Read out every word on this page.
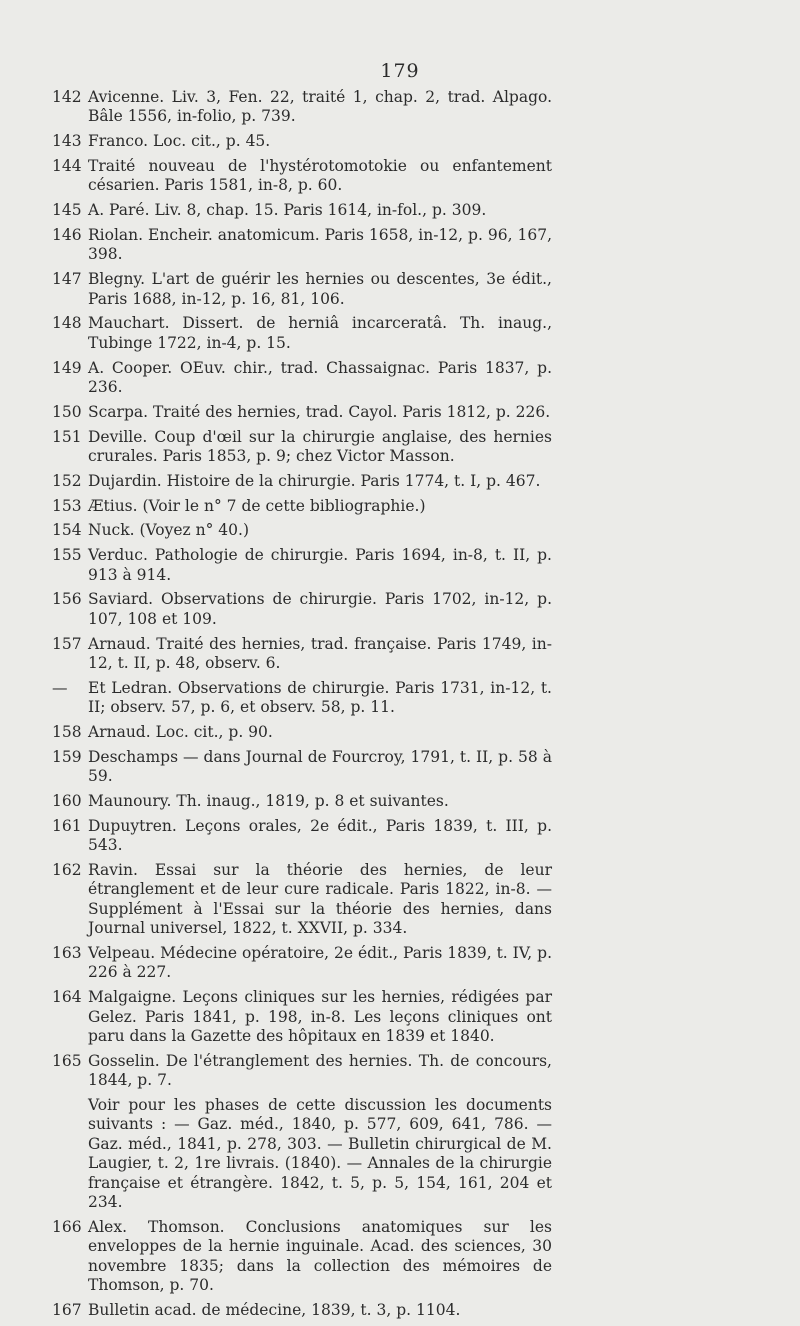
179
142 Avicenne. Liv. 3, Fen. 22, traité 1, chap. 2, trad. Alpago. Bâle 1556, in-folio, p. 739.
143 Franco. Loc. cit., p. 45.
144 Traité nouveau de l'hystérotomotokie ou enfantement césarien. Paris 1581, in-8, p. 60.
145 A. Paré. Liv. 8, chap. 15. Paris 1614, in-fol., p. 309.
146 Riolan. Encheir. anatomicum. Paris 1658, in-12, p. 96, 167, 398.
147 Blegny. L'art de guérir les hernies ou descentes, 3e édit., Paris 1688, in-12, p. 16, 81, 106.
148 Mauchart. Dissert. de herniâ incarceratâ. Th. inaug., Tubinge 1722, in-4, p. 15.
149 A. Cooper. OEuv. chir., trad. Chassaignac. Paris 1837, p. 236.
150 Scarpa. Traité des hernies, trad. Cayol. Paris 1812, p. 226.
151 Deville. Coup d'œil sur la chirurgie anglaise, des hernies crurales. Paris 1853, p. 9; chez Victor Masson.
152 Dujardin. Histoire de la chirurgie. Paris 1774, t. I, p. 467.
153 Ætius. (Voir le n° 7 de cette bibliographie.)
154 Nuck. (Voyez n° 40.)
155 Verduc. Pathologie de chirurgie. Paris 1694, in-8, t. II, p. 913 à 914.
156 Saviard. Observations de chirurgie. Paris 1702, in-12, p. 107, 108 et 109.
157 Arnaud. Traité des hernies, trad. française. Paris 1749, in-12, t. II, p. 48, observ. 6.
—	Et Ledran. Observations de chirurgie. Paris 1731, in-12, t. II; observ. 57, p. 6, et observ. 58, p. 11.
158 Arnaud. Loc. cit., p. 90.
159 Deschamps — dans Journal de Fourcroy, 1791, t. II, p. 58 à 59.
160 Maunoury. Th. inaug., 1819, p. 8 et suivantes.
161 Dupuytren. Leçons orales, 2e édit., Paris 1839, t. III, p. 543.
162 Ravin. Essai sur la théorie des hernies, de leur étranglement et de leur cure radicale. Paris 1822, in-8. — Supplément à l'Essai sur la théorie des hernies, dans Journal universel, 1822, t. XXVII, p. 334.
163 Velpeau. Médecine opératoire, 2e édit., Paris 1839, t. IV, p. 226 à 227.
164 Malgaigne. Leçons cliniques sur les hernies, rédigées par Gelez. Paris 1841, p. 198, in-8. Les leçons cliniques ont paru dans la Gazette des hôpitaux en 1839 et 1840.
165 Gosselin. De l'étranglement des hernies. Th. de concours, 1844, p. 7.
Voir pour les phases de cette discussion les documents suivants : — Gaz. méd., 1840, p. 577, 609, 641, 786. — Gaz. méd., 1841, p. 278, 303. — Bulletin chirurgical de M. Laugier, t. 2, 1re livrais. (1840). — Annales de la chirurgie française et étrangère. 1842, t. 5, p. 5, 154, 161, 204 et 234.
166 Alex. Thomson. Conclusions anatomiques sur les enveloppes de la hernie inguinale. Acad. des sciences, 30 novembre 1835; dans la collection des mémoires de Thomson, p. 70.
167 Bulletin acad. de médecine, 1839, t. 3, p. 1104.
